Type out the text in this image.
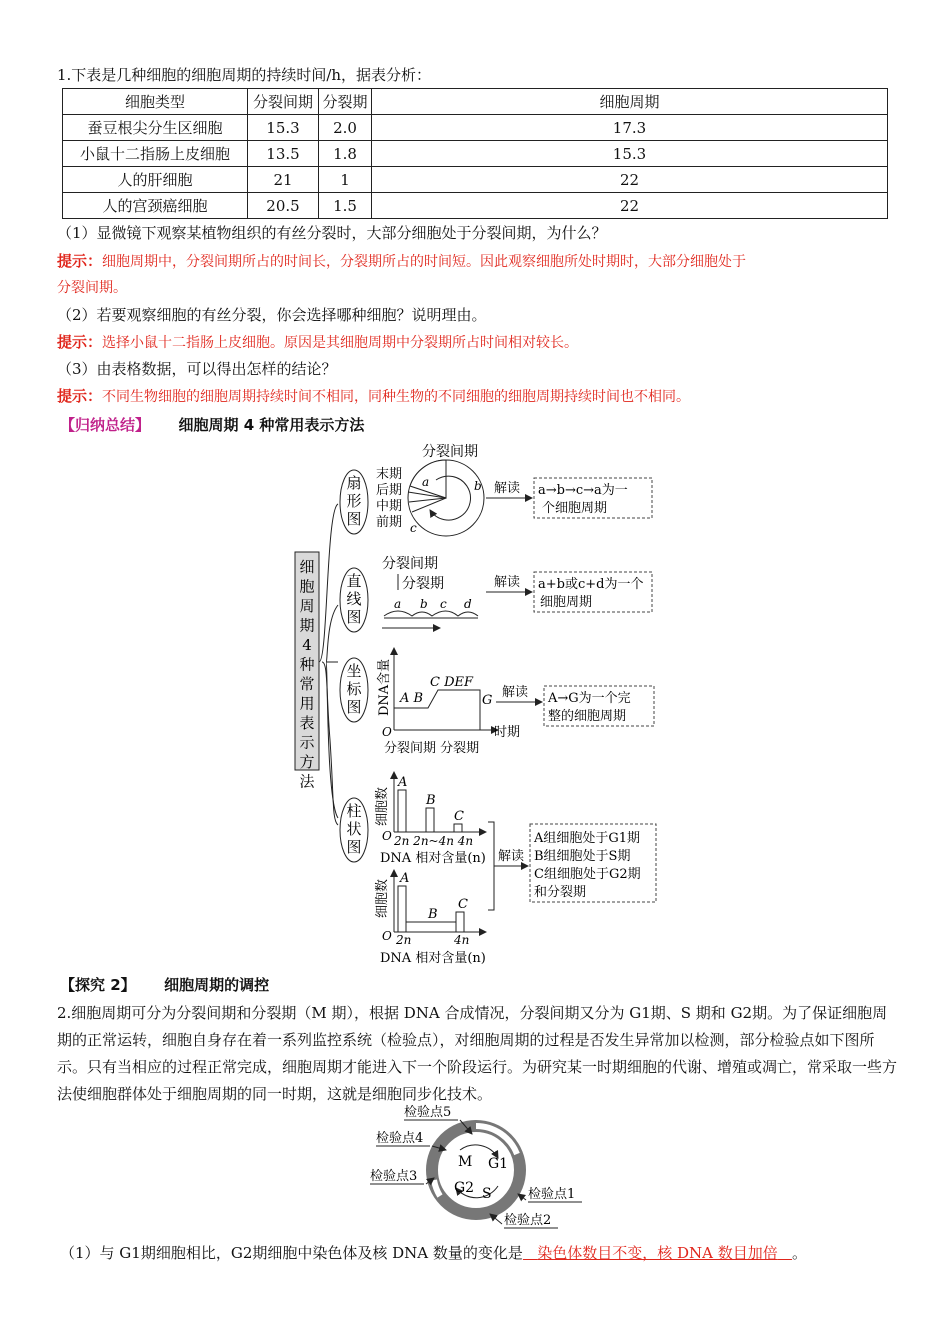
1.下表是几种细胞的细胞周期的持续时间/h，据表分析：
细胞类型	分裂间期	分裂期	细胞周期
蚕豆根尖分生区细胞	15.3	2.0	17.3
小鼠十二指肠上皮细胞	13.5	1.8	15.3
人的肝细胞	21	1	22
人的宫颈癌细胞	20.5	1.5	22
（1）显微镜下观察某植物组织的有丝分裂时，大部分细胞处于分裂间期，为什么？
提示：细胞周期中，分裂间期所占的时间长，分裂期所占的时间短。因此观察细胞所处时期时，大部分细胞处于
分裂间期。
（2）若要观察细胞的有丝分裂，你会选择哪种细胞？说明理由。
提示：选择小鼠十二指肠上皮细胞。原因是其细胞周期中分裂期所占时间相对较长。
（3）由表格数据，可以得出怎样的结论？
提示：不同生物细胞的细胞周期持续时间不相同，同种生物的不同细胞的细胞周期持续时间也不相同。
【归纳总结】 细胞周期 4 种常用表示方法
细胞周期 4 种常用表示方法
扇形图
直线图
坐标图
柱状图
分裂间期
末期
后期
中期
前期
a	b
c
解读 a→b→c→a为一
个细胞周期
分裂间期
分裂期
a b c d
解读 a+b或c+d为一个
细胞周期
DNA含量 A B
C DEF
G
O	时期
分裂间期 分裂期
解读 A→G为一个完
整的细胞周期
细胞数
A
B
C
O 2n 2n~4n 4n
DNA 相对含量(n)
细胞数
A
B
C
O 2n	4n
DNA 相对含量(n)
解读
A组细胞处于G1期
B组细胞处于S期
C组细胞处于G2期
和分裂期
【探究 2】 细胞周期的调控
2.细胞周期可分为分裂间期和分裂期（M 期），根据 DNA 合成情况，分裂间期又分为 G1期、S 期和 G2期。为了保证细胞周期的正常运转，细胞自身存在着一系列监控系统（检验点），对细胞周期的过程是否发生异常加以检测，部分检验点如下图所示。只有当相应的过程正常完成，细胞周期才能进入下一个阶段运行。为研究某一时期细胞的代谢、增殖或凋亡，常采取一些方法使细胞群体处于细胞周期的同一时期，这就是细胞同步化技术。
M G1
G2 S
检验点5
检验点4
检验点3
检验点1
检验点2
（1）与 G1期细胞相比，G2期细胞中染色体及核 DNA 数量的变化是 染色体数目不变，核 DNA 数目加倍 。
